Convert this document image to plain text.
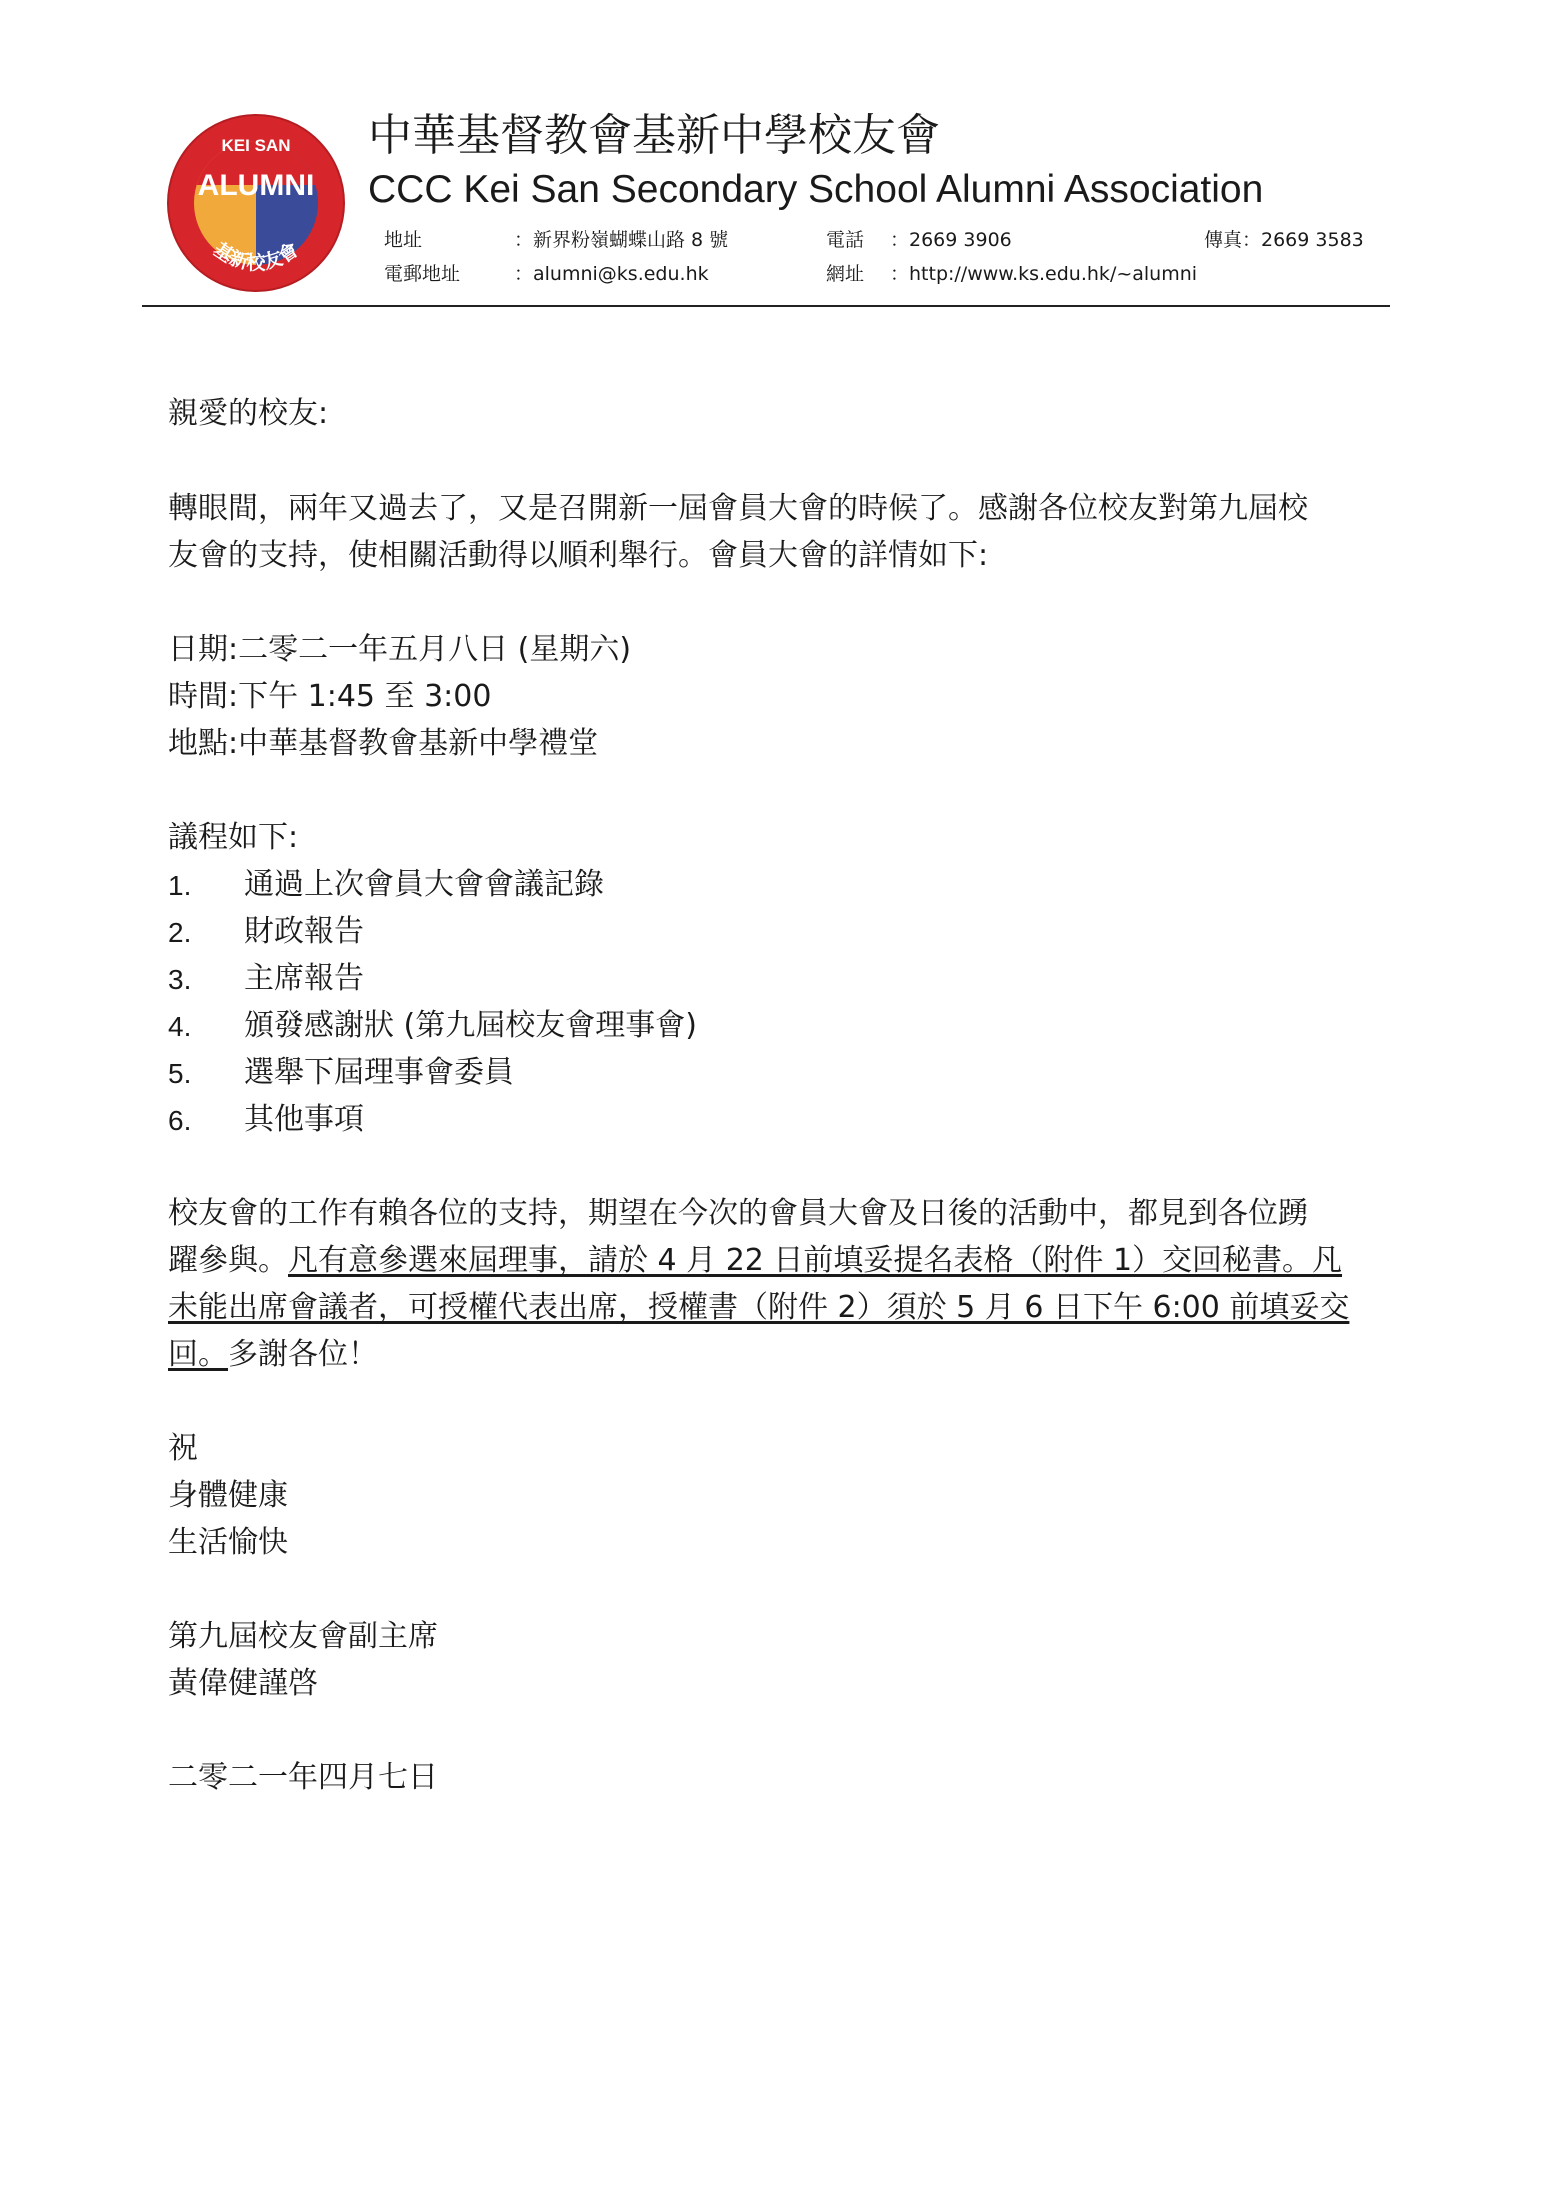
KEI SAN
ALUMNI
基新校友會
中華基督教會基新中學校友會
CCC Kei San Secondary School Alumni Association
地址	：新界粉嶺蝴蝶山路 8 號	電話 ：2669 3906	傳真：2669 3583
電郵地址	：alumni@ks.edu.hk	網址 ：http://www.ks.edu.hk/~alumni
親愛的校友:
轉眼間，兩年又過去了，又是召開新一屆會員大會的時候了。感謝各位校友對第九屆校
友會的支持，使相關活動得以順利舉行。會員大會的詳情如下:
日期:二零二一年五月八日 (星期六)
時間:下午 1:45 至 3:00
地點:中華基督教會基新中學禮堂
議程如下:
1. 通過上次會員大會會議記錄
2. 財政報告
3. 主席報告
4. 頒發感謝狀 (第九屆校友會理事會)
5. 選舉下屆理事會委員
6. 其他事項
校友會的工作有賴各位的支持，期望在今次的會員大會及日後的活動中，都見到各位踴
躍參與。凡有意參選來屆理事，請於 4 月 22 日前填妥提名表格（附件 1）交回秘書。凡
未能出席會議者，可授權代表出席，授權書（附件 2）須於 5 月 6 日下午 6:00 前填妥交
回。多謝各位！
祝
身體健康
生活愉快
第九屆校友會副主席
黃偉健謹啓
二零二一年四月七日
